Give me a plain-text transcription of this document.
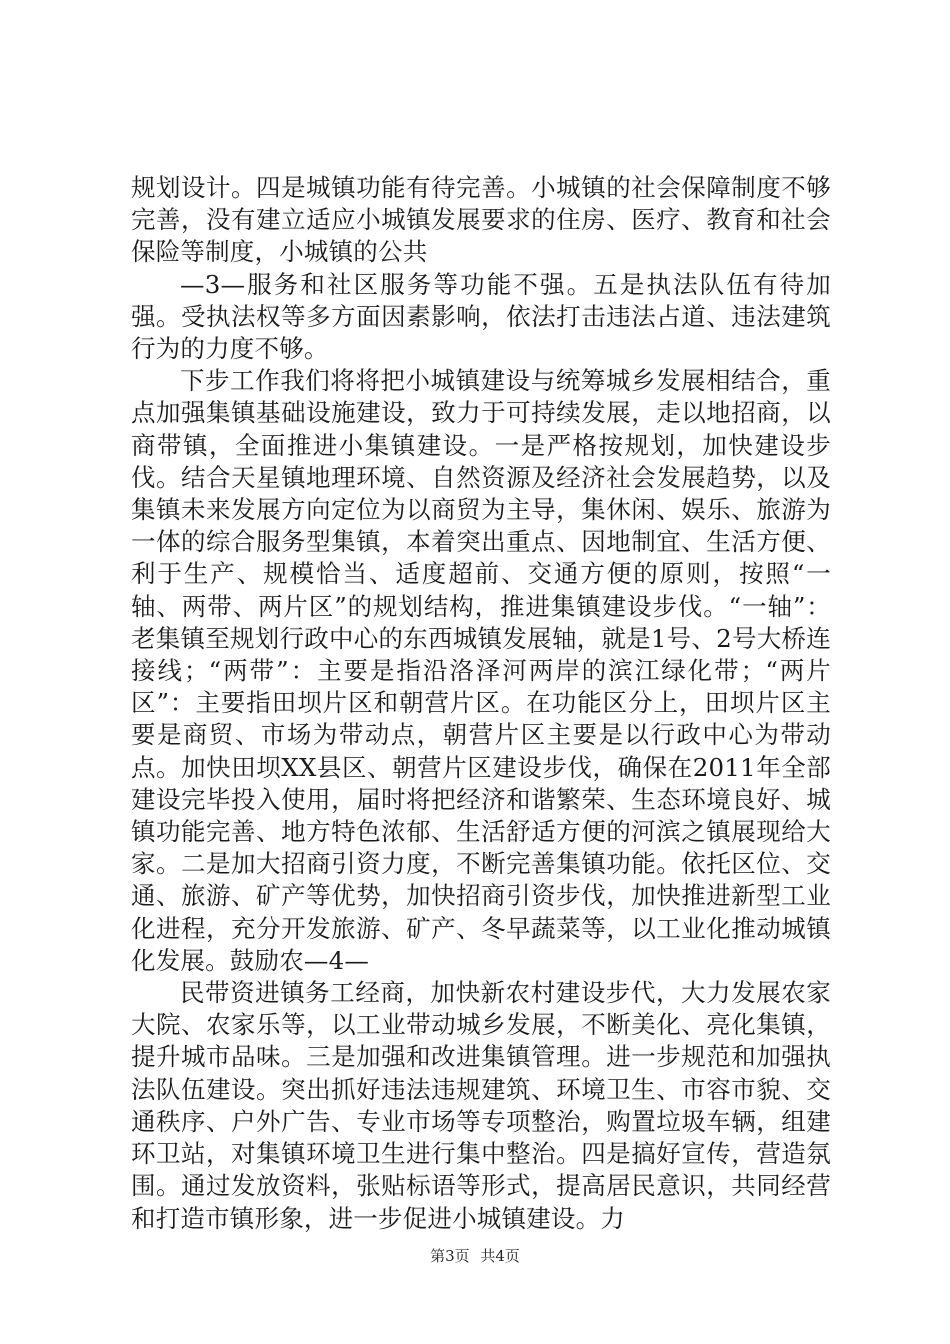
规划设计。四是城镇功能有待完善。小城镇的社会保障制度不够完善，没有建立适应小城镇发展要求的住房、医疗、教育和社会保险等制度，小城镇的公共

—3—服务和社区服务等功能不强。五是执法队伍有待加强。受执法权等多方面因素影响，依法打击违法占道、违法建筑行为的力度不够。

下步工作我们将将把小城镇建设与统筹城乡发展相结合，重点加强集镇基础设施建设，致力于可持续发展，走以地招商，以商带镇，全面推进小集镇建设。一是严格按规划，加快建设步伐。结合天星镇地理环境、自然资源及经济社会发展趋势，以及集镇未来发展方向定位为以商贸为主导，集休闲、娱乐、旅游为一体的综合服务型集镇，本着突出重点、因地制宜、生活方便、利于生产、规模恰当、适度超前、交通方便的原则，按照“一轴、两带、两片区”的规划结构，推进集镇建设步伐。“一轴”：老集镇至规划行政中心的东西城镇发展轴，就是1号、2号大桥连接线；“两带”：主要是指沿洛泽河两岸的滨江绿化带；“两片区”：主要指田坝片区和朝营片区。在功能区分上，田坝片区主要是商贸、市场为带动点，朝营片区主要是以行政中心为带动点。加快田坝XX县区、朝营片区建设步伐，确保在2011年全部建设完毕投入使用，届时将把经济和谐繁荣、生态环境良好、城镇功能完善、地方特色浓郁、生活舒适方便的河滨之镇展现给大家。二是加大招商引资力度，不断完善集镇功能。依托区位、交通、旅游、矿产等优势，加快招商引资步伐，加快推进新型工业化进程，充分开发旅游、矿产、冬早蔬菜等，以工业化推动城镇化发展。鼓励农—4—

民带资进镇务工经商，加快新农村建设步代，大力发展农家大院、农家乐等，以工业带动城乡发展，不断美化、亮化集镇，提升城市品味。三是加强和改进集镇管理。进一步规范和加强执法队伍建设。突出抓好违法违规建筑、环境卫生、市容市貌、交通秩序、户外广告、专业市场等专项整治，购置垃圾车辆，组建环卫站，对集镇环境卫生进行集中整治。四是搞好宣传，营造氛围。通过发放资料，张贴标语等形式，提高居民意识，共同经营和打造市镇形象，进一步促进小城镇建设。力

第3页 共4页
